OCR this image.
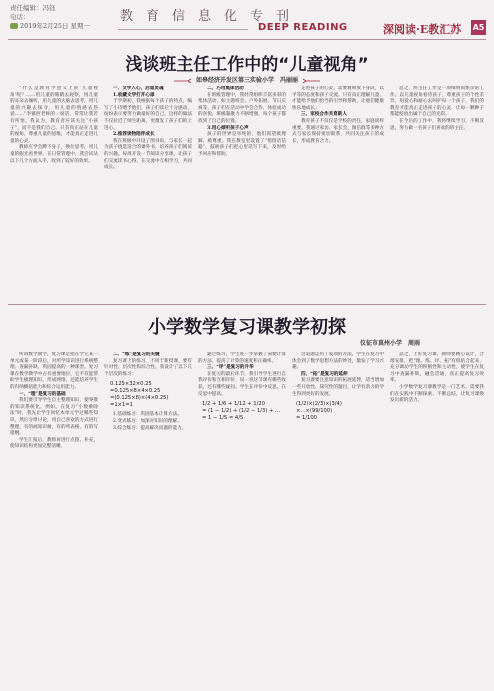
责任编辑：冯钰
电话：
2019年2月25日 星期一
教育信息化专刊
DEEP READING	深阅读·E教汇苏 A5
浅谈班主任工作中的“儿童视角”
如皋经济开发区第三实验小学　冯丽丽

“什么是教育学意义上的‘儿童视角’呢？……用儿童的眼睛去观察，用儿童的耳朵去倾听，用儿童的大脑去思考，用儿童的兴趣去探寻，用儿童的情感去热爱……”李镇西老师的一席话，常常让我若有所悟。我认为，教育者应该关注“小孩子”，而不是我们自己。只有真正站在儿童的视角，尊重儿童的思维，才能真正走进儿童的心灵。

教师应学会蹲下身子，换位思考，用儿童的眼光看世界。在日常管理中，我尝试从以下几个方面入手，收到了较好的效果。

一、文学入心，启迪灵魂

1.收藏文学打开心扉

于学期初，我根据每个孩子的特点，编写了小诗赠予他们，孩子们读后十分感动，纷纷表示要努力做最好的自己。这样的做法不仅拉近了师生距离，更激发了孩子们的上进心。

2.推荐读物陪伴成长

我在班级中开设了图书角，与家长一起为孩子挑选适合的课外书，培养孩子们阅读的兴趣。每周开设一节阅读分享课，让孩子们交流读书心得，在交流中互相学习，共同成长。

二、巧用集体活动

在班级管理中，我经常组织丰富多彩的集体活动，如主题班会、户外拓展、节日庆祝等。孩子们在活动中学会合作，体验成功的喜悦，班级凝聚力不断增强，每个孩子都找到了自己的位置。

3.用心倾听孩子心声

孩子的世界是单纯的，他们渴望被理解、被尊重。我在教室里设置了“悄悄话信箱”，鼓励孩子们把心里话写下来，及时给予回应和帮助。

走进孩子的心灵，需要教师放下身段，以平等的态度和孩子交流。只有真正理解儿童，才能给予他们恰当的引导和帮助，让他们健康快乐地成长。

三、家校合作共育新人

教育孩子不仅仅是学校的责任，家庭同样重要。我通过家访、家长会、微信群等多种方式与家长保持密切联系，共同关注孩子的成长，形成教育合力。

总之，班主任工作是一项细致而繁杂的工作。以儿童视角看待孩子，尊重孩子的个性差异，用爱心和耐心去呵护每一个孩子，我们的教育才能真正走进孩子的心灵，让每一颗种子都能绽放出属于自己的光彩。

在今后的工作中，我将继续学习，不断反思，努力做一名孩子们喜欢的班主任。

小学数学复习课教学初探
仪征市真州小学　周雨

所谓数学教学，复习课是指在学完某一单元或某一阶段后，对所学知识进行系统整理、查漏补缺、巩固提高的一种课型。复习课在数学教学中占有重要地位，它不仅能帮助学生梳理知识，形成网络，还能培养学生的归纳概括能力和综合运用能力。

一、“理”是复习的基础

我们要引导学生自主整理知识，使零散的知识系统化。例如，在复习“小数乘除法”时，我先让学生回忆本单元学过哪些知识，然后分组讨论，用自己喜欢的方式进行整理，有的画知识树，有的列表格，有的写提纲。

学生汇报后，教师再进行点拨、补充，使知识结构更加完整清晰。

二、“练”是复习的关键

复习课上的练习，不同于新授课，要有针对性、层次性和综合性。我设计了以下几个层次的练习：

0.125×32×0.25
=0.125×8×4×0.25
=(0.125×8)×(4×0.25)
=1×1=1

1.基础练习：巩固基本计算方法。

2.变式练习：加深对知识的理解。

3.综合练习：提高解决问题的能力。

通过练习，学生进一步掌握了简便计算的方法，提高了计算的速度和正确率。

三、“评”是复习的升华

在复习的最后环节，我引导学生进行自我评价和互相评价，说一说这节课有哪些收获，还有哪些疑问。学生在评价中反思，在反思中提高。

1/2 + 1/6 + 1/12 + 1/20
= (1 − 1/2) + (1/2 − 1/3) + …
= 1 − 1/5 = 4/5

这道题运用了裂项的方法，学生在复习中体会到了数学思想方法的妙处，激发了学习兴趣。

四、“拓”是复习的延伸

复习课要注意知识的拓展延伸，适当增加一些开放性、探究性的题目，让学有余力的学生得到更好的发展。

(1/2)×(2/3)×(3/4)
×…×(99/100)
= 1/100

总之，上好复习课，教师要精心设计，合理安排，把“理、练、评、拓”有机结合起来，充分调动学生的积极性和主动性，使学生在复习中查漏补缺，融会贯通，真正提高复习效率。

小学数学复习课教学是一门艺术，需要我们在实践中不断探索、不断总结，让复习课焕发出新的活力。
